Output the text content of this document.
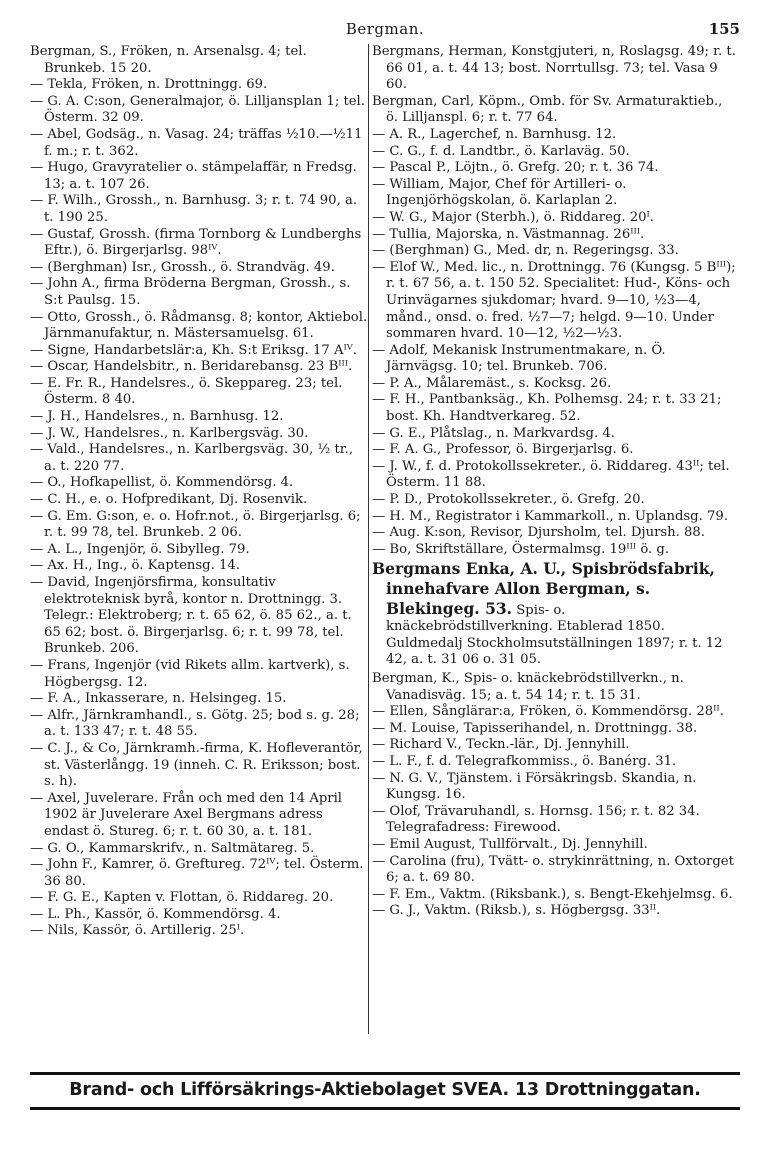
Bergman.	155

Bergman, S., Fröken, n. Arsenalsg. 4; tel. Brunkeb. 15 20.

— Tekla, Fröken, n. Drottningg. 69.

— G. A. C:son, Generalmajor, ö. Lilljansplan 1; tel. Österm. 32 09.

— Abel, Godsäg., n. Vasag. 24; träffas ½10.—½11 f. m.; r. t. 362.

— Hugo, Gravyratelier o. stämpelaffär, n Fredsg. 13; a. t. 107 26.

— F. Wilh., Grossh., n. Barnhusg. 3; r. t. 74 90, a. t. 190 25.

— Gustaf, Grossh. (firma Tornborg & Lundberghs Eftr.), ö. Birgerjarlsg. 98ᴵⱽ.

— (Berghman) Isr., Grossh., ö. Strandväg. 49.

— John A., firma Bröderna Bergman, Grossh., s. S:t Paulsg. 15.

— Otto, Grossh., ö. Rådmansg. 8; kontor, Aktiebol. Järnmanufaktur, n. Mästersamuelsg. 61.

— Signe, Handarbetslär:a, Kh. S:t Eriksg. 17 Aᴵⱽ.

— Oscar, Handelsbitr., n. Beridarebansg. 23 Bᴵᴵᴵ.

— E. Fr. R., Handelsres., ö. Skeppareg. 23; tel. Österm. 8 40.

— J. H., Handelsres., n. Barnhusg. 12.

— J. W., Handelsres., n. Karlbergsväg. 30.

— Vald., Handelsres., n. Karlbergsväg. 30, ½ tr., a. t. 220 77.

— O., Hofkapellist, ö. Kommendörsg. 4.

— C. H., e. o. Hofpredikant, Dj. Rosenvik.

— G. Em. G:son, e. o. Hofr.not., ö. Birgerjarlsg. 6; r. t. 99 78, tel. Brunkeb. 2 06.

— A. L., Ingenjör, ö. Sibylleg. 79.

— Ax. H., Ing., ö. Kaptensg. 14.

— David, Ingenjörsfirma, konsultativ elektroteknisk byrå, kontor n. Drottningg. 3. Telegr.: Elektroberg; r. t. 65 62, ö. 85 62., a. t. 65 62; bost. ö. Birgerjarlsg. 6; r. t. 99 78, tel. Brunkeb. 206.

— Frans, Ingenjör (vid Rikets allm. kartverk), s. Högbergsg. 12.

— F. A., Inkasserare, n. Helsingeg. 15.

— Alfr., Järnkramhandl., s. Götg. 25; bod s. g. 28; a. t. 133 47; r. t. 48 55.

— C. J., & Co, Järnkramh.-firma, K. Hofleverantör, st. Västerlångg. 19 (inneh. C. R. Eriksson; bost. s. h).

— Axel, Juvelerare. Från och med den 14 April 1902 är Juvelerare Axel Bergmans adress endast ö. Stureg. 6; r. t. 60 30, a. t. 181.

— G. O., Kammarskrifv., n. Saltmätareg. 5.

— John F., Kamrer, ö. Greftureg. 72ᴵⱽ; tel. Österm. 36 80.

— F. G. E., Kapten v. Flottan, ö. Riddareg. 20.

— L. Ph., Kassör, ö. Kommendörsg. 4.

— Nils, Kassör, ö. Artillerig. 25ᴵ.

Bergmans, Herman, Konstgjuteri, n, Roslagsg. 49; r. t. 66 01, a. t. 44 13; bost. Norrtullsg. 73; tel. Vasa 9 60.

Bergman, Carl, Köpm., Omb. för Sv. Armaturaktieb., ö. Lilljanspl. 6; r. t. 77 64.

— A. R., Lagerchef, n. Barnhusg. 12.

— C. G., f. d. Landtbr., ö. Karlaväg. 50.

— Pascal P., Löjtn., ö. Grefg. 20; r. t. 36 74.

— William, Major, Chef för Artilleri- o. Ingenjörhögskolan, ö. Karlaplan 2.

— W. G., Major (Sterbh.), ö. Riddareg. 20ᴵ.

— Tullia, Majorska, n. Västmannag. 26ᴵᴵᴵ.

— (Berghman) G., Med. dr, n. Regeringsg. 33.

— Elof W., Med. lic., n. Drottningg. 76 (Kungsg. 5 Bᴵᴵᴵ); r. t. 67 56, a. t. 150 52. Specialitet: Hud-, Köns- och Urinvägarnes sjukdomar; hvard. 9—10, ½3—4, månd., onsd. o. fred. ½7—7; helgd. 9—10. Under sommaren hvard. 10—12, ½2—½3.

— Adolf, Mekanisk Instrumentmakare, n. Ö. Järnvägsg. 10; tel. Brunkeb. 706.

— P. A., Målaremäst., s. Kocksg. 26.

— F. H., Pantbanksäg., Kh. Polhemsg. 24; r. t. 33 21; bost. Kh. Handtverkareg. 52.

— G. E., Plåtslag., n. Markvardsg. 4.

— F. A. G., Professor, ö. Birgerjarlsg. 6.

— J. W., f. d. Protokollssekreter., ö. Riddareg. 43ᴵᴵ; tel. Österm. 11 88.

— P. D., Protokollssekreter., ö. Grefg. 20.

— H. M., Registrator i Kammarkoll., n. Uplandsg. 79.

— Aug. K:son, Revisor, Djursholm, tel. Djursh. 88.

— Bo, Skriftställare, Östermalmsg. 19ᴵᴵᴵ ö. g.

Bergmans Enka, A. U., Spisbrödsfabrik, innehafvare Allon Bergman, s. Blekingeg. 53. Spis- o. knäckebrödstillverkning. Etablerad 1850. Guldmedalj Stockholmsutställningen 1897; r. t. 12 42, a. t. 31 06 o. 31 05.

Bergman, K., Spis- o. knäckebrödstillverkn., n. Vanadisväg. 15; a. t. 54 14; r. t. 15 31.

— Ellen, Sånglärar:a, Fröken, ö. Kommendörsg. 28ᴵᴵ.

— M. Louise, Tapisserihandel, n. Drottningg. 38.

— Richard V., Teckn.-lär., Dj. Jennyhill.

— L. F., f. d. Telegrafkommiss., ö. Banérg. 31.

— N. G. V., Tjänstem. i Försäkringsb. Skandia, n. Kungsg. 16.

— Olof, Trävaruhandl, s. Hornsg. 156; r. t. 82 34. Telegrafadress: Firewood.

— Emil August, Tullförvalt., Dj. Jennyhill.

— Carolina (fru), Tvätt- o. strykinrättning, n. Oxtorget 6; a. t. 69 80.

— F. Em., Vaktm. (Riksbank.), s. Bengt-Ekehjelmsg. 6.

— G. J., Vaktm. (Riksb.), s. Högbergsg. 33ᴵᴵ.

Brand- och Lifförsäkrings-Aktiebolaget SVEA. 13 Drottninggatan.
